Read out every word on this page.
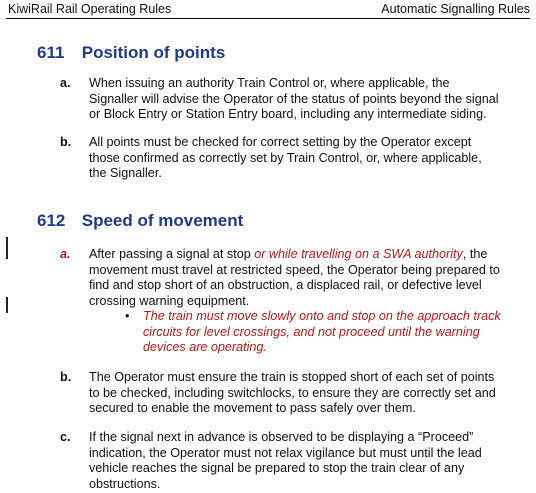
KiwiRail Rail Operating Rules	Automatic Signalling Rules
611 Position of points
a. When issuing an authority Train Control or, where applicable, the
Signaller will advise the Operator of the status of points beyond the signal
or Block Entry or Station Entry board, including any intermediate siding.
b. All points must be checked for correct setting by the Operator except
those confirmed as correctly set by Train Control, or, where applicable,
the Signaller.
612 Speed of movement
a. After passing a signal at stop or while travelling on a SWA authority, the
movement must travel at restricted speed, the Operator being prepared to
find and stop short of an obstruction, a displaced rail, or defective level
crossing warning equipment.
• The train must move slowly onto and stop on the approach track
circuits for level crossings, and not proceed until the warning
devices are operating.
b. The Operator must ensure the train is stopped short of each set of points
to be checked, including switchlocks, to ensure they are correctly set and
secured to enable the movement to pass safely over them.
c. If the signal next in advance is observed to be displaying a “Proceed”
indication, the Operator must not relax vigilance but must until the lead
vehicle reaches the signal be prepared to stop the train clear of any
obstructions.
